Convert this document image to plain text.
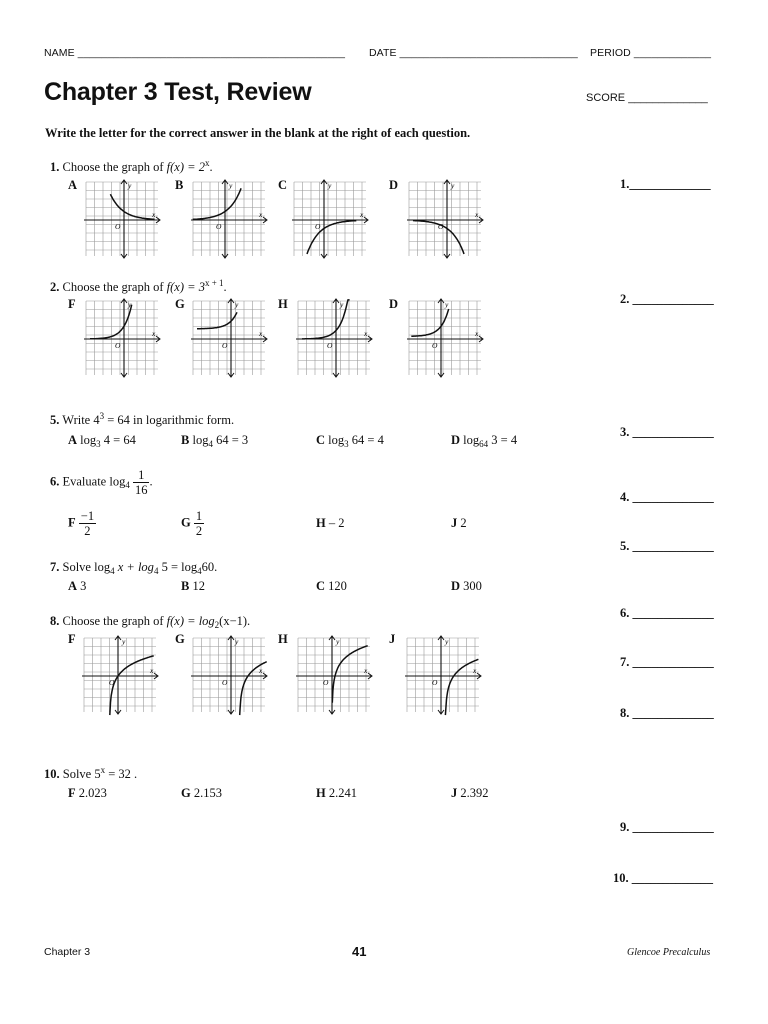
NAME _____________________________________________ DATE ______________________________ PERIOD _____________
Chapter 3 Test, Review	SCORE _____________
Write the letter for the correct answer in the blank at the right of each question.
1. Choose the graph of $f(x) = 2^x$.
A	B	C	D
y
x
O
y
x
O
y
x
O
y
x
O
2. Choose the graph of $f(x) = 3^{x + 1}$.
F	G	H	D
y
x
O
y
x
O
y
x
O
y
x
O
5. Write $4^3 = 64$ in logarithmic form.
A $\log_3 4 = 64$	B $\log_4 64 = 3$	C $\log_3 64 = 4$	D $\log_{64} 3 = 4$
6. Evaluate $\log_4 \frac{1}{16}$ .
F $\frac{-1}{2}$	G $\frac{1}{2}$	H – 2	J 2
7. Solve $\log_4 x + \log_4 5 = \log_460$.
A 3	B 12	C 120	D 300
8. Choose the graph of $f(x) = \log_2(x-1)$.
F	G	H	J
y
x
O
y
x
O
y
x
O
y
x
O
10. Solve $5^x = 32$ .
F 2.023	G 2.153	H 2.241	J 2.392
1._____________
2. _____________
3. _____________
4. _____________
5. _____________
6. _____________
7. _____________
8. _____________
9. _____________
10. _____________
Chapter 3	41	Glencoe Precalculus
